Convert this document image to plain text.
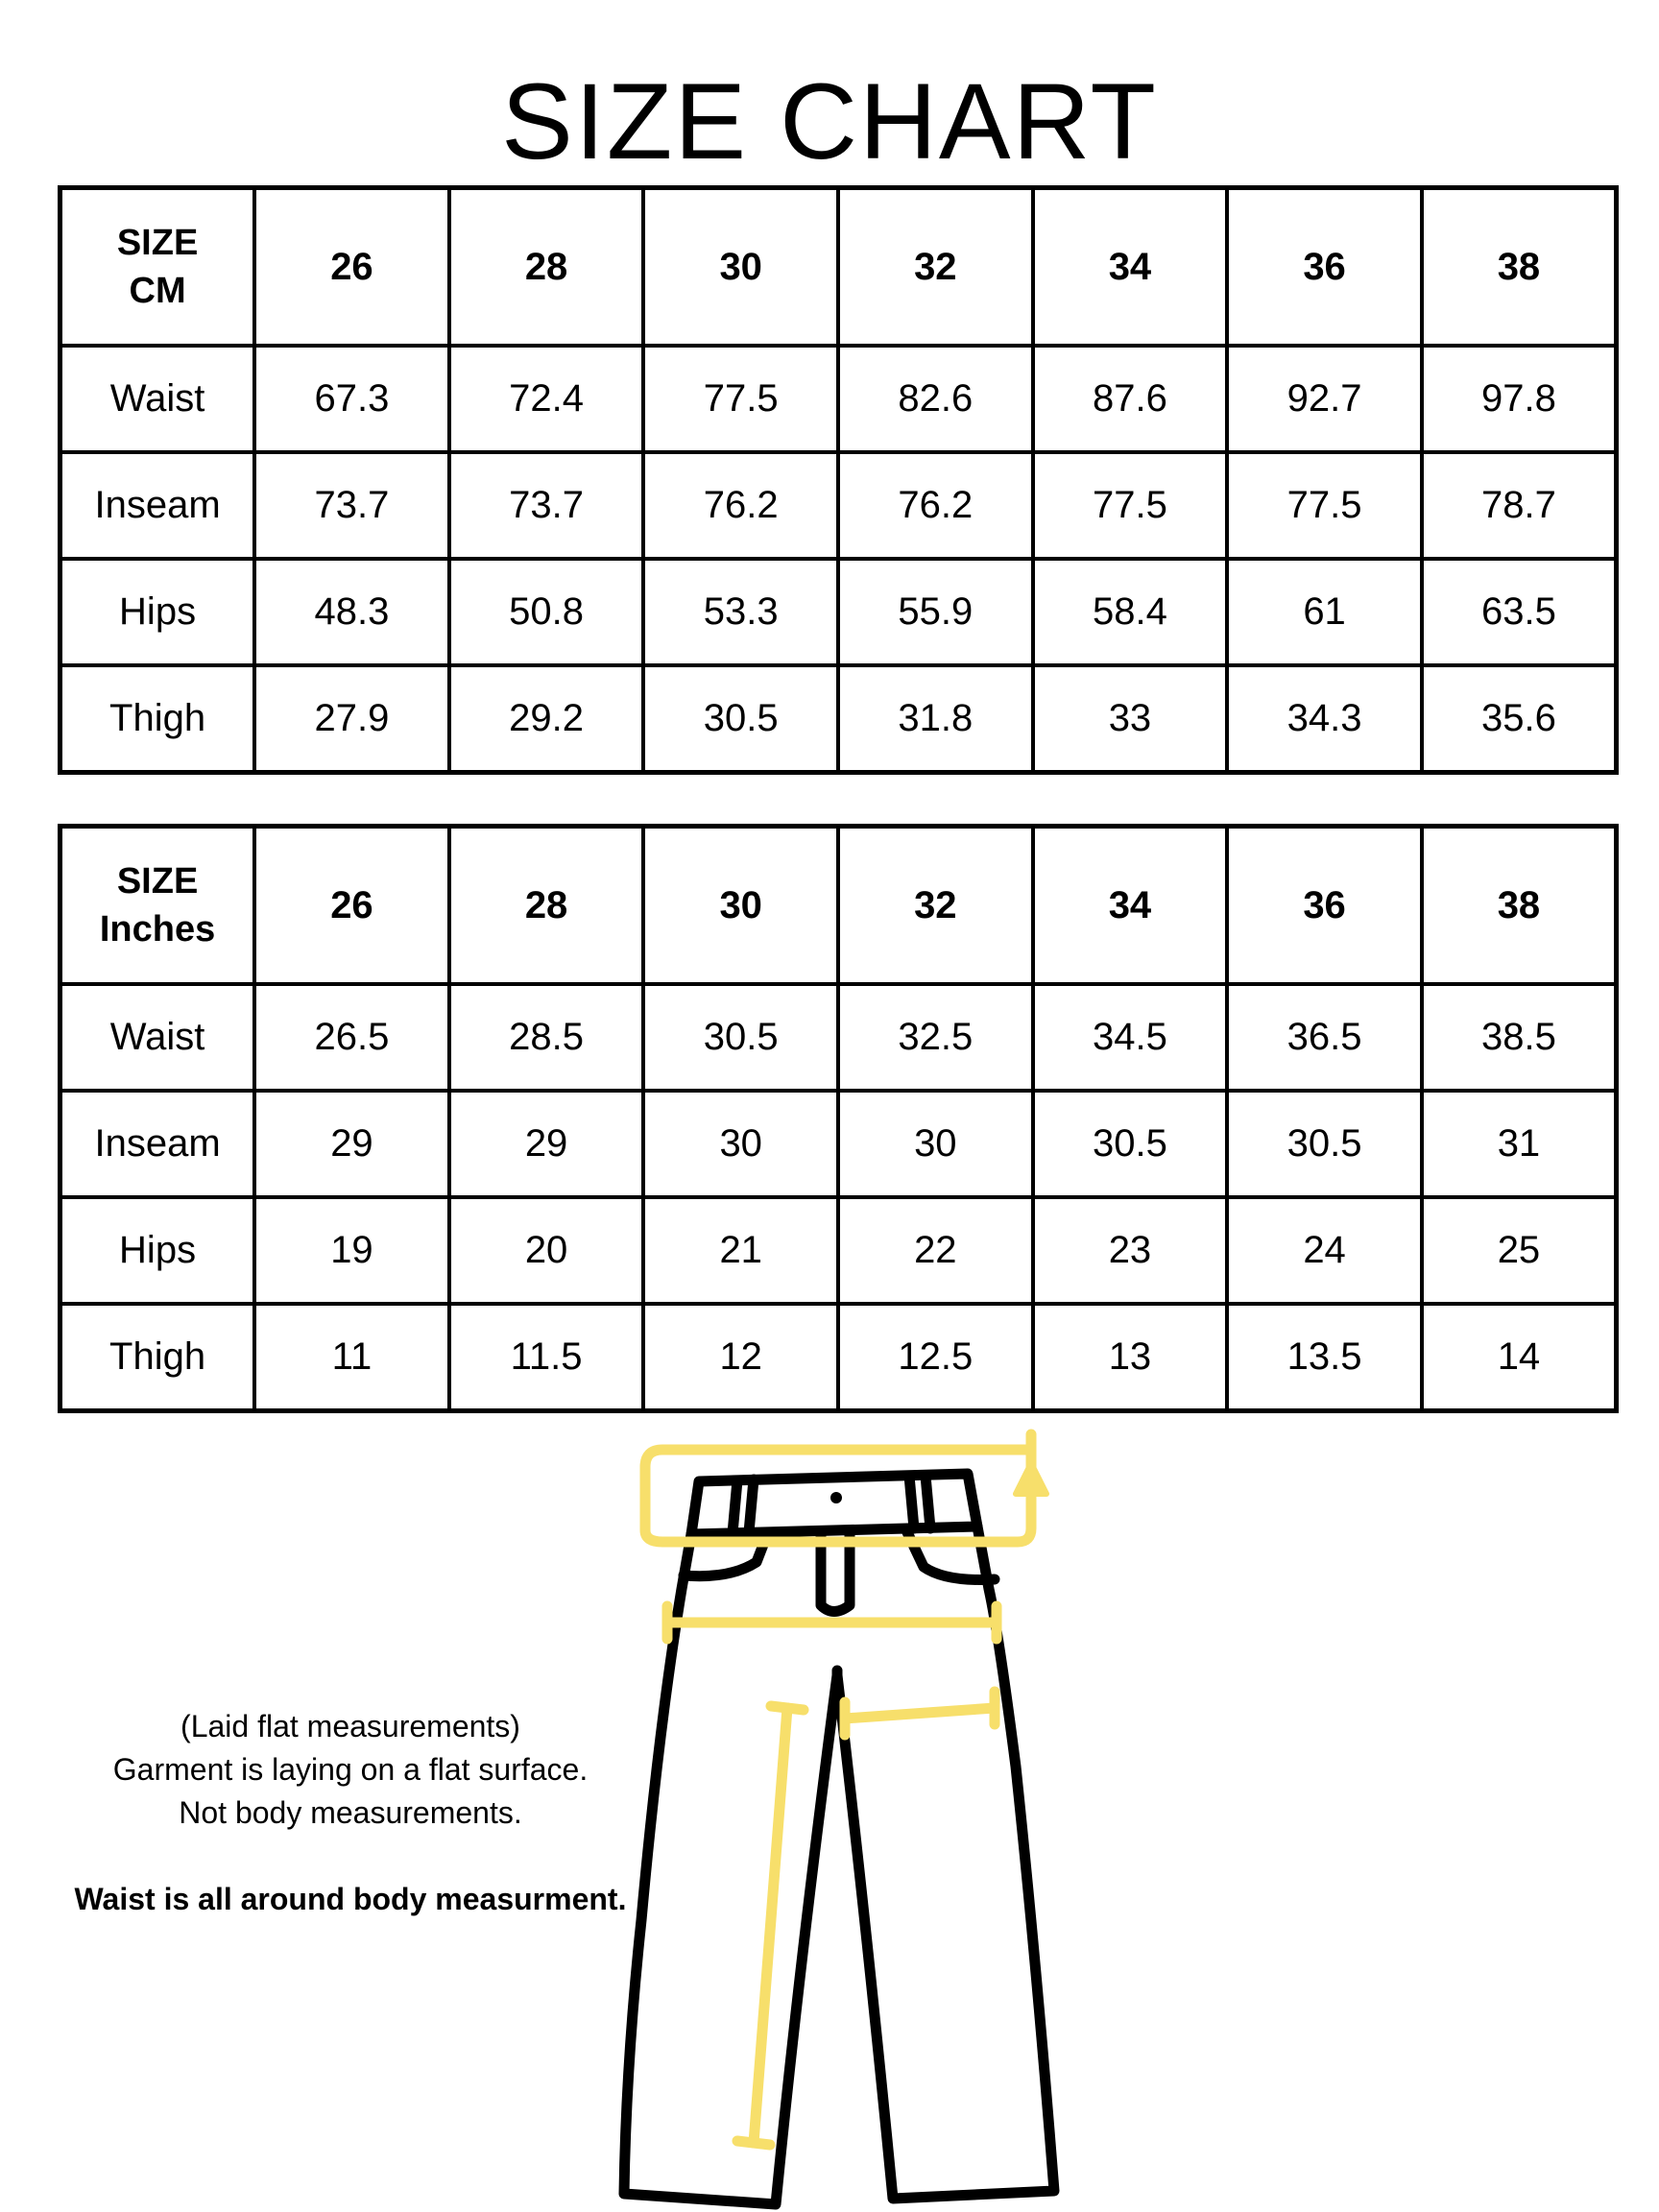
SIZE CHART
SIZE
CM	26	28	30	32	34	36	38
Waist	67.3	72.4	77.5	82.6	87.6	92.7	97.8
Inseam	73.7	73.7	76.2	76.2	77.5	77.5	78.7
Hips	48.3	50.8	53.3	55.9	58.4	61	63.5
Thigh	27.9	29.2	30.5	31.8	33	34.3	35.6
SIZE
Inches	26	28	30	32	34	36	38
Waist	26.5	28.5	30.5	32.5	34.5	36.5	38.5
Inseam	29	29	30	30	30.5	30.5	31
Hips	19	20	21	22	23	24	25
Thigh	11	11.5	12	12.5	13	13.5	14
(Laid flat measurements)
Garment is laying on a flat surface.
Not body measurements.
Waist is all around body measurment.
